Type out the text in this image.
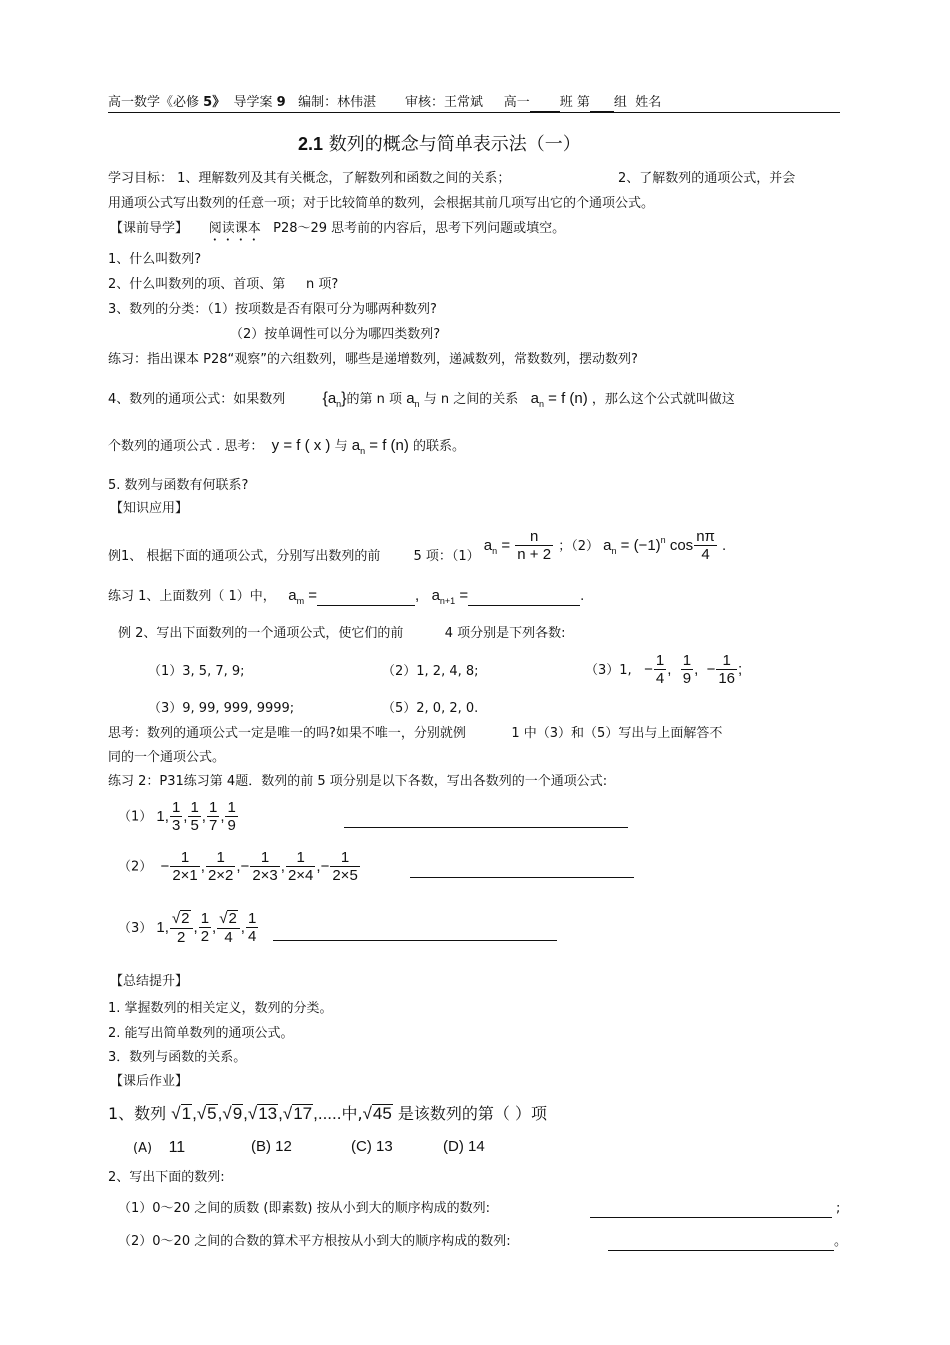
高一数学《必修 5》 导学案 9 编制：林伟湛 审核：王常斌 高一 班 第 组 姓名
2.1 数列的概念与简单表示法（一）
学习目标： 1、理解数列及其有关概念，了解数列和函数之间的关系；	2、了解数列的通项公式，并会
用通项公式写出数列的任意一项；对于比较简单的数列，会根据其前几项写出它的个通项公式。
【课前导学】 阅读课本 P28～29 思考前的内容后，思考下列问题或填空。
1、什么叫数列?
2、什么叫数列的项、首项、第 n 项?
3、数列的分类：（1）按项数是否有限可分为哪两种数列?
（2）按单调性可以分为哪四类数列?
练习：指出课本 P28“观察”的六组数列，哪些是递增数列，递减数列，常数数列，摆动数列?
4、数列的通项公式：如果数列 $\{a_n\}$的第 n 项 $a_n$ 与 n 之间的关系 $a_n = f$ (n) ，那么这个公式就叫做这
个数列的通项公式 . 思考： y = f ( x ) 与 $a_n = f$ (n) 的联系。
5. 数列与函数有何联系?
【知识应用】
例1、 根据下面的通项公式，分别写出数列的前	5 项：（1） $a_n = \frac{n}{n + 2}$ ；（2） $a_n = (-1)^n$ $\cos \frac{n\pi}{4}$ .
练习 1、上面数列（ 1）中， $a_m$ =	, $a_{n+1}$ =	.
例 2、写出下面数列的一个通项公式，使它们的前	4 项分别是下列各数:
（1）3, 5, 7, 9;	（2）1, 2, 4, 8;	（3）1, − $\frac{1}{4}$ , $\frac{1}{9}$ ,  − $\frac{1}{16}$ ;
（3）9, 99, 999, 9999;	（5）2, 0, 2, 0.
思考：数列的通项公式一定是唯一的吗?如果不唯一，分别就例	1 中（3）和（5）写出与上面解答不
同的一个通项公式。
练习 2：P31练习第 4题．数列的前 5 项分别是以下各数，写出各数列的一个通项公式:
（1） 1, $\frac{1}{3}$ , $\frac{1}{5}$ , $\frac{1}{7}$ , $\frac{1}{9}$
$(2) - \frac{1}{2\times 1}$ , $\frac{1}{2\times 2}$ ,− $\frac{1}{2\times 3}$ , $\frac{1}{2\times 4}$ ,− $\frac{1}{2\times 5}$
（3） 1, $\frac{√2}{2}$ , $\frac{1}{2}$ , $\frac{√2}{4}$ , $\frac{1}{4}$
【总结提升】
1. 掌握数列的相关定义，数列的分类。
2. 能写出简单数列的通项公式。
3．数列与函数的关系。
【课后作业】
1、数列 √1,√5,√9,√13,√17,.....中,√45 是该数列的第（ ）项
(A) 11	(B) 12	(C) 13	(D) 14
2、写出下面的数列:
（1）0～20 之间的质数 (即素数) 按从小到大的顺序构成的数列:	;
（2）0～20 之间的合数的算术平方根按从小到大的顺序构成的数列:	。
